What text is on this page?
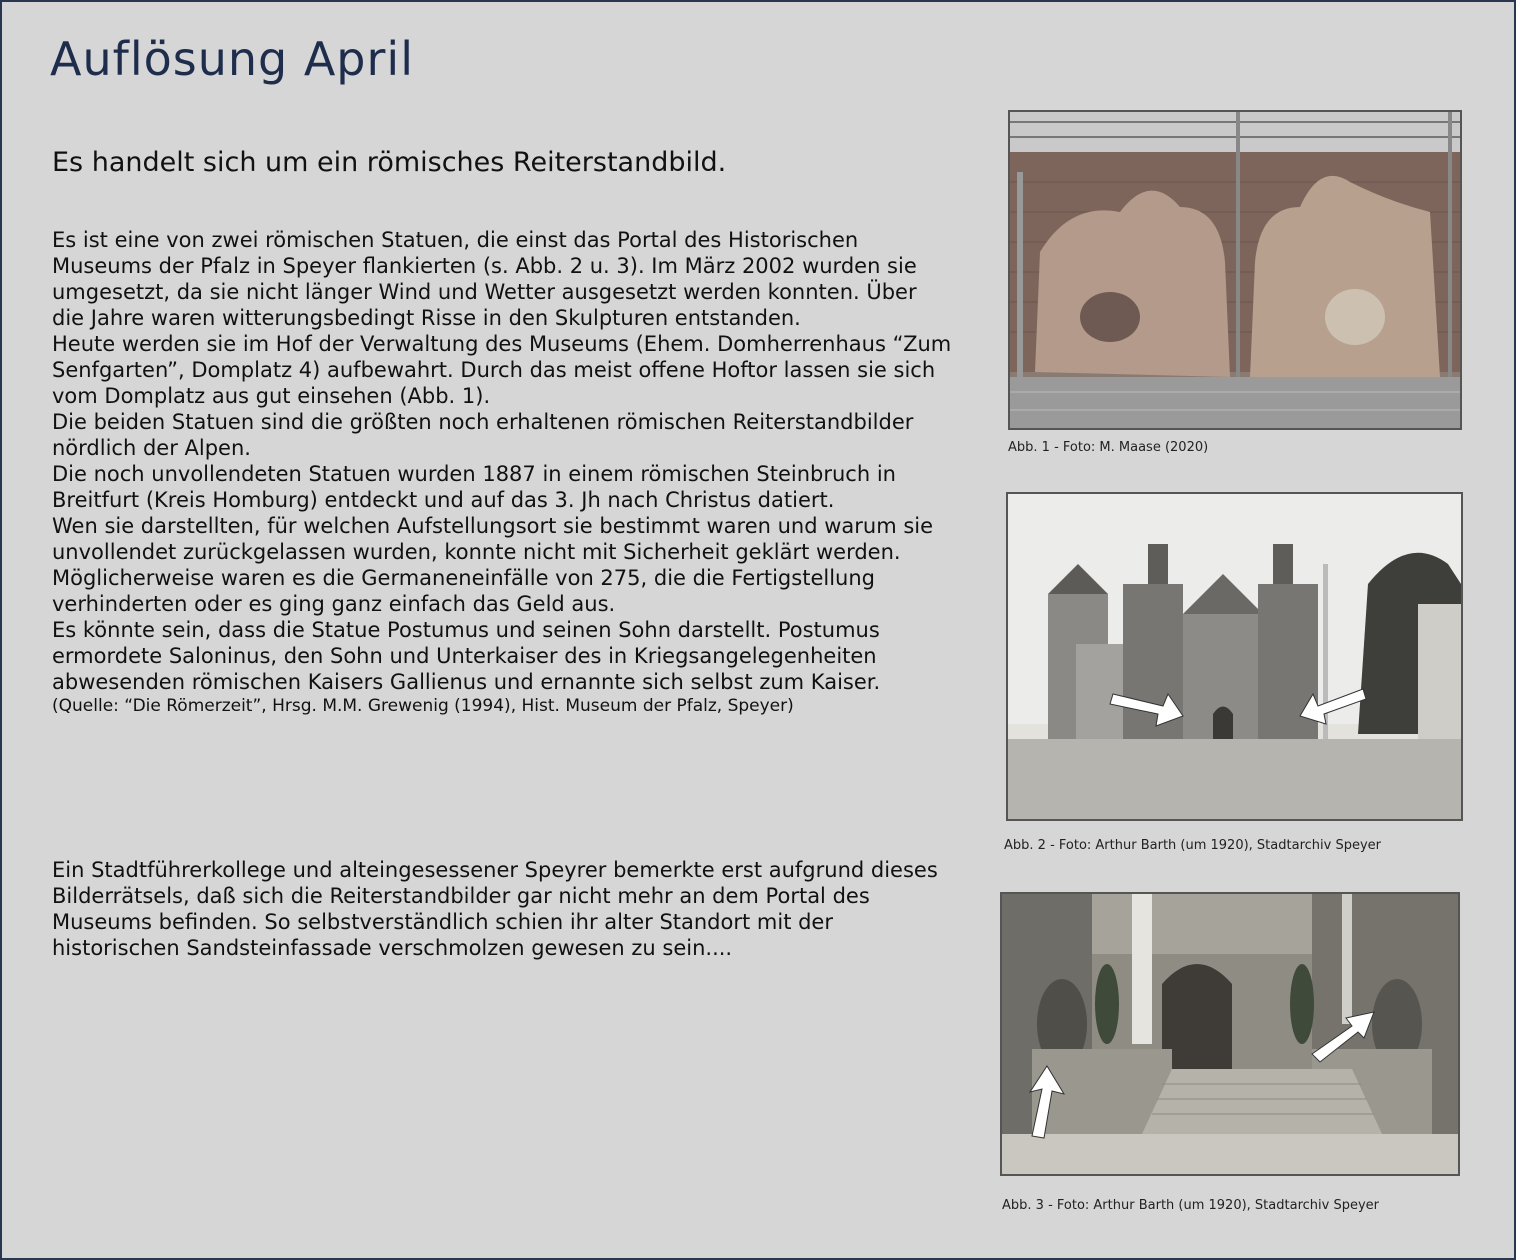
Auflösung April
Es handelt sich um ein römisches Reiterstandbild.

Es ist eine von zwei römischen Statuen, die einst das Portal des Historischen Museums der Pfalz in Speyer flankierten (s. Abb. 2 u. 3). Im März 2002 wurden sie umgesetzt, da sie nicht länger Wind und Wetter ausgesetzt werden konnten. Über die Jahre waren witterungsbedingt Risse in den Skulpturen entstanden.

Heute werden sie im Hof der Verwaltung des Museums (Ehem. Domherrenhaus “Zum Senfgarten”, Domplatz 4) aufbewahrt. Durch das meist offene Hoftor lassen sie sich vom Domplatz aus gut einsehen (Abb. 1).

Die beiden Statuen sind die größten noch erhaltenen römischen Reiterstandbilder nördlich der Alpen.

Die noch unvollendeten Statuen wurden 1887 in einem römischen Steinbruch in Breitfurt (Kreis Homburg) entdeckt und auf das 3. Jh nach Christus datiert.

Wen sie darstellten, für welchen Aufstellungsort sie bestimmt waren und warum sie unvollendet zurückgelassen wurden, konnte nicht mit Sicherheit geklärt werden. Möglicherweise waren es die Germaneneinfälle von 275, die die Fertigstellung verhinderten oder es ging ganz einfach das Geld aus.

Es könnte sein, dass die Statue Postumus und seinen Sohn darstellt. Postumus ermordete Saloninus, den Sohn und Unterkaiser des in Kriegsangelegenheiten abwesenden römischen Kaisers Gallienus und ernannte sich selbst zum Kaiser.

(Quelle: “Die Römerzeit”, Hrsg. M.M. Grewenig (1994), Hist. Museum der Pfalz, Speyer)

Ein Stadtführerkollege und alteingesessener Speyrer bemerkte erst aufgrund dieses Bilderrätsels, daß sich die Reiterstandbilder gar nicht mehr an dem Portal des Museums befinden. So selbstverständlich schien ihr alter Standort mit der historischen Sandsteinfassade verschmolzen gewesen zu sein....

Abb. 1 - Foto: M. Maase (2020)
Abb. 2 - Foto: Arthur Barth (um 1920), Stadtarchiv Speyer
Abb. 3 - Foto: Arthur Barth (um 1920), Stadtarchiv Speyer
